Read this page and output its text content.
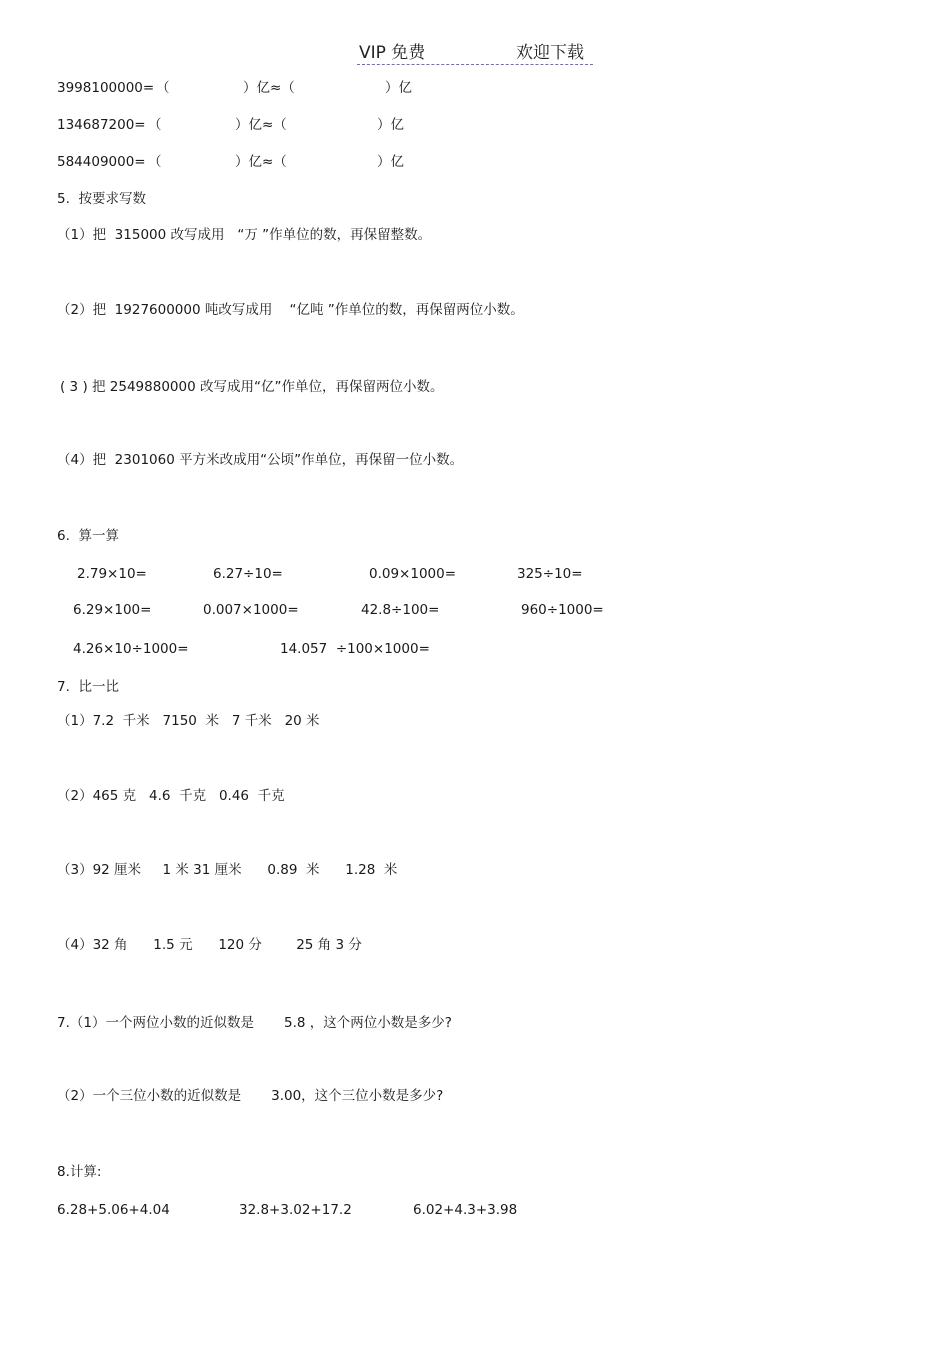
VIP 免费	欢迎下载
3998100000= （	）亿≈（	）亿
134687200= （	）亿≈（	）亿
584409000= （	）亿≈（	）亿
5.  按要求写数
（1）把  315000 改写成用   “万 ”作单位的数，再保留整数。
（2）把  1927600000 吨改写成用    “亿吨 ”作单位的数，再保留两位小数。
( 3 ) 把 2549880000 改写成用“亿”作单位，再保留两位小数。
（4）把  2301060 平方米改成用“公顷”作单位，再保留一位小数。
6.  算一算
2.79×10=	6.27÷10=	0.09×1000=	325÷10=
6.29×100=	0.007×1000=	42.8÷100=	960÷1000=
4.26×10÷1000=	14.057  ÷100×1000=
7.  比一比
（1）7.2  千米   7150  米   7 千米   20 米
（2）465 克   4.6  千克   0.46  千克
（3）92 厘米     1 米 31 厘米      0.89  米      1.28  米
（4）32 角      1.5 元      120 分        25 角 3 分
7.（1）一个两位小数的近似数是       5.8 ，这个两位小数是多少?
（2）一个三位小数的近似数是       3.00，这个三位小数是多少?
8.计算:
6.28+5.06+4.04	32.8+3.02+17.2	6.02+4.3+3.98
